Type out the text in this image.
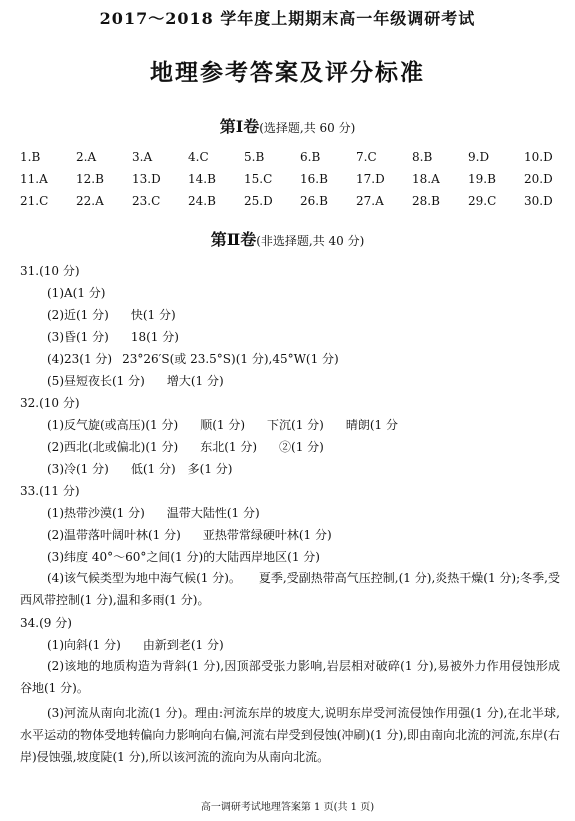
2017～2018 学年度上期期末高一年级调研考试
地理参考答案及评分标准
第Ⅰ卷(选择题,共 60 分)
1.B	2.A	3.A	4.C	5.B	6.B	7.C	8.B	9.D	10.D
11.A	12.B	13.D	14.B	15.C	16.B	17.D	18.A	19.B	20.D
21.C	22.A	23.C	24.B	25.D	26.B	27.A	28.B	29.C	30.D
第Ⅱ卷(非选择题,共 40 分)
31.(10 分)
(1)A(1 分)
(2)近(1 分) 快(1 分)
(3)昏(1 分) 18(1 分)
(4)23(1 分) 23°26′S(或 23.5°S)(1 分),45°W(1 分)
(5)昼短夜长(1 分) 增大(1 分)
32.(10 分)
(1)反气旋(或高压)(1 分) 顺(1 分) 下沉(1 分) 晴朗(1 分
(2)西北(北或偏北)(1 分) 东北(1 分) ②(1 分)
(3)冷(1 分) 低(1 分) 多(1 分)
33.(11 分)
(1)热带沙漠(1 分) 温带大陆性(1 分)
(2)温带落叶阔叶林(1 分) 亚热带常绿硬叶林(1 分)
(3)纬度 40°～60°之间(1 分)的大陆西岸地区(1 分)
(4)该气候类型为地中海气候(1 分)。　　夏季,受副热带高气压控制,(1 分),炎热干燥(1 分);冬季,受西风带控制(1 分),温和多雨(1 分)。
34.(9 分)
(1)向斜(1 分) 由新到老(1 分)
(2)该地的地质构造为背斜(1 分),因顶部受张力影响,岩层相对破碎(1 分),易被外力作用侵蚀形成谷地(1 分)。
(3)河流从南向北流(1 分)。理由:河流东岸的坡度大,说明东岸受河流侵蚀作用强(1 分),在北半球,水平运动的物体受地转偏向力影响向右偏,河流右岸受到侵蚀(冲刷)(1 分),即由南向北流的河流,东岸(右岸)侵蚀强,坡度陡(1 分),所以该河流的流向为从南向北流。
高一调研考试地理答案第 1 页(共 1 页)
